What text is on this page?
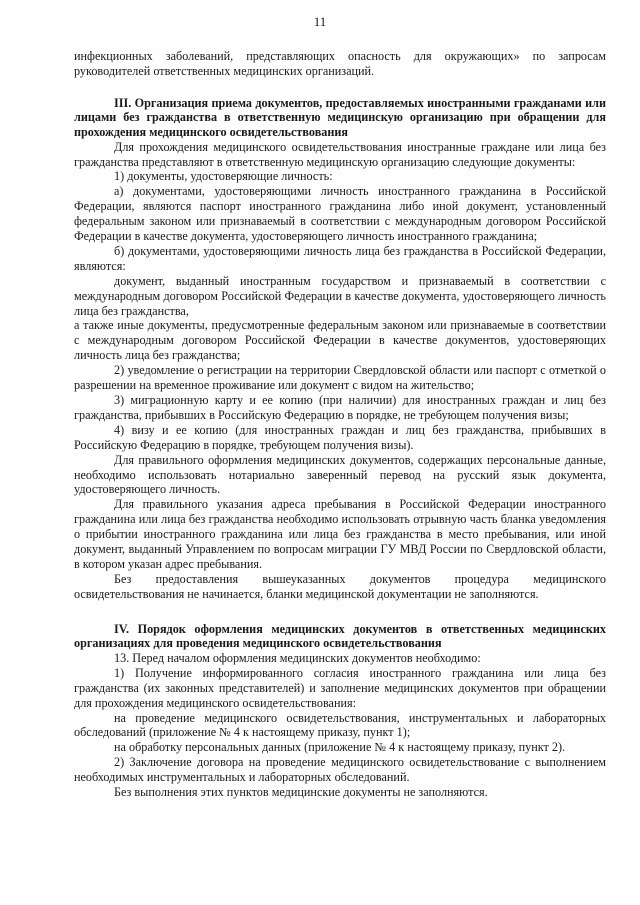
11

инфекционных заболеваний, представляющих опасность для окружающих» по запросам руководителей ответственных медицинских организаций.

III. Организация приема документов, предоставляемых иностранными гражданами или лицами без гражданства в ответственную медицинскую организацию при обращении для прохождения медицинского освидетельствования

Для прохождения медицинского освидетельствования иностранные граждане или лица без гражданства представляют в ответственную медицинскую организацию следующие документы:

1) документы, удостоверяющие личность:

а) документами, удостоверяющими личность иностранного гражданина в Российской Федерации, являются паспорт иностранного гражданина либо иной документ, установленный федеральным законом или признаваемый в соответствии с международным договором Российской Федерации в качестве документа, удостоверяющего личность иностранного гражданина;

б) документами, удостоверяющими личность лица без гражданства в Российской Федерации, являются:

документ, выданный иностранным государством и признаваемый в соответствии с международным договором Российской Федерации в качестве документа, удостоверяющего личность лица без гражданства,

а также иные документы, предусмотренные федеральным законом или признаваемые в соответствии с международным договором Российской Федерации в качестве документов, удостоверяющих личность лица без гражданства;

2) уведомление о регистрации на территории Свердловской области или паспорт с отметкой о разрешении на временное проживание или документ с видом на жительство;

3) миграционную карту и ее копию (при наличии) для иностранных граждан и лиц без гражданства, прибывших в Российскую Федерацию в порядке, не требующем получения визы;

4) визу и ее копию (для иностранных граждан и лиц без гражданства, прибывших в Российскую Федерацию в порядке, требующем получения визы).

Для правильного оформления медицинских документов, содержащих персональные данные, необходимо использовать нотариально заверенный перевод на русский язык документа, удостоверяющего личность.

Для правильного указания адреса пребывания в Российской Федерации иностранного гражданина или лица без гражданства необходимо использовать отрывную часть бланка уведомления о прибытии иностранного гражданина или лица без гражданства в место пребывания, или иной документ, выданный Управлением по вопросам миграции ГУ МВД России по Свердловской области, в котором указан адрес пребывания.

Без предоставления вышеуказанных документов процедура медицинского освидетельствования не начинается, бланки медицинской документации не заполняются.

IV. Порядок оформления медицинских документов в ответственных медицинских организациях для проведения медицинского освидетельствования

13. Перед началом оформления медицинских документов необходимо:

1) Получение информированного согласия иностранного гражданина или лица без гражданства (их законных представителей) и заполнение медицинских документов при обращении для прохождения медицинского освидетельствования:

на проведение медицинского освидетельствования, инструментальных и лабораторных обследований (приложение № 4 к настоящему приказу, пункт 1);

на обработку персональных данных (приложение № 4 к настоящему приказу, пункт 2).

2) Заключение договора на проведение медицинского освидетельствование с выполнением необходимых инструментальных и лабораторных обследований.

Без выполнения этих пунктов медицинские документы не заполняются.
